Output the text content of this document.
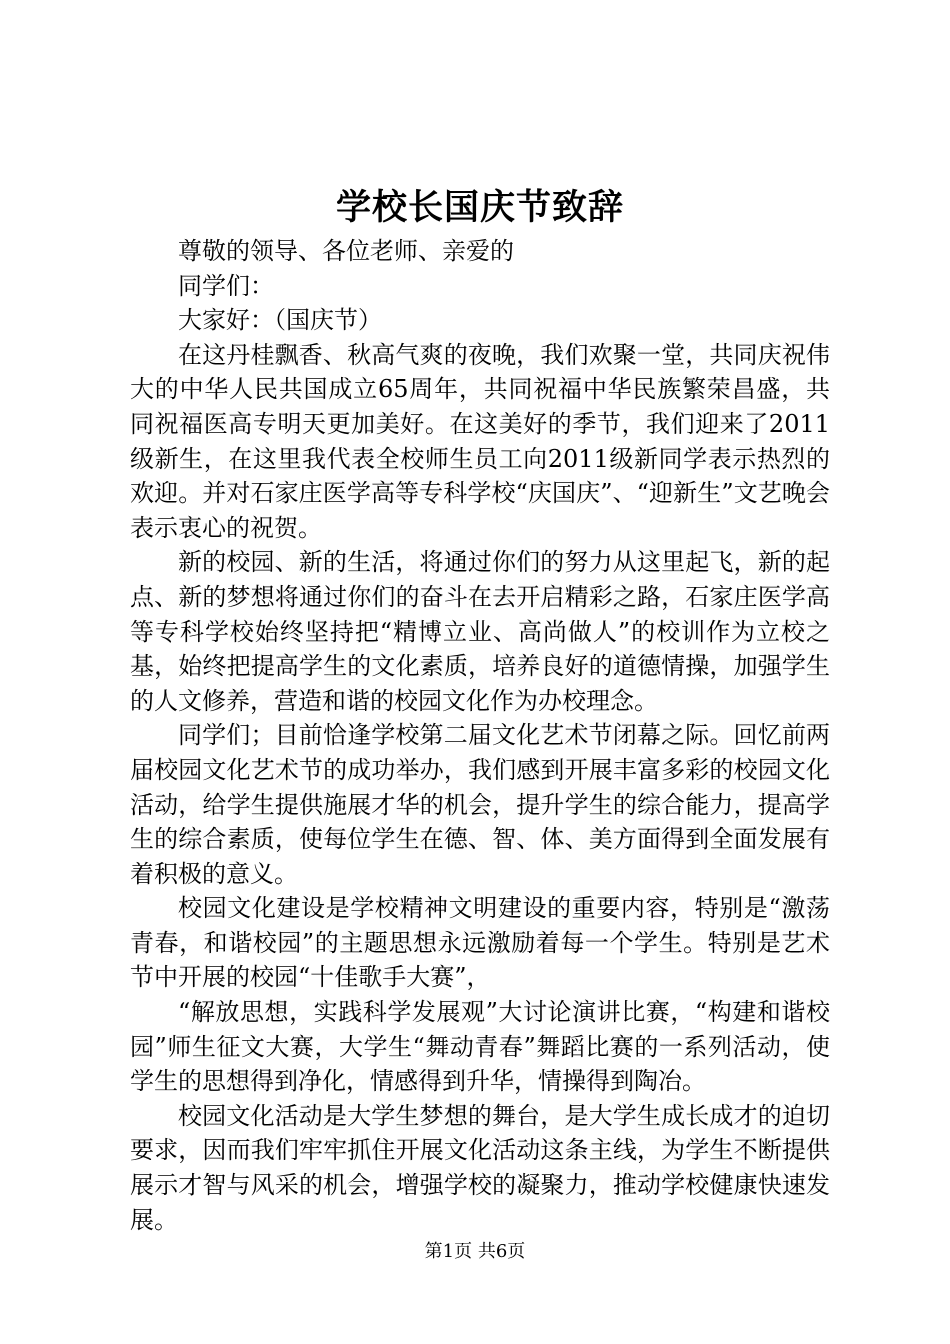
学校长国庆节致辞

尊敬的领导、各位老师、亲爱的

同学们：

大家好：（国庆节）

在这丹桂飘香、秋高气爽的夜晚，我们欢聚一堂，共同庆祝伟大的中华人民共国成立65周年，共同祝福中华民族繁荣昌盛，共同祝福医高专明天更加美好。在这美好的季节，我们迎来了2011级新生，在这里我代表全校师生员工向2011级新同学表示热烈的欢迎。并对石家庄医学高等专科学校“庆国庆”、“迎新生”文艺晚会表示衷心的祝贺。

新的校园、新的生活，将通过你们的努力从这里起飞，新的起点、新的梦想将通过你们的奋斗在去开启精彩之路，石家庄医学高等专科学校始终坚持把“精博立业、高尚做人”的校训作为立校之基，始终把提高学生的文化素质，培养良好的道德情操，加强学生的人文修养，营造和谐的校园文化作为办校理念。

同学们；目前恰逢学校第二届文化艺术节闭幕之际。回忆前两届校园文化艺术节的成功举办，我们感到开展丰富多彩的校园文化活动，给学生提供施展才华的机会，提升学生的综合能力，提高学生的综合素质，使每位学生在德、智、体、美方面得到全面发展有着积极的意义。

校园文化建设是学校精神文明建设的重要内容，特别是“激荡青春，和谐校园”的主题思想永远激励着每一个学生。特别是艺术节中开展的校园“十佳歌手大赛”，

“解放思想，实践科学发展观”大讨论演讲比赛，“构建和谐校园”师生征文大赛，大学生“舞动青春”舞蹈比赛的一系列活动，使学生的思想得到净化，情感得到升华，情操得到陶冶。

校园文化活动是大学生梦想的舞台，是大学生成长成才的迫切要求，因而我们牢牢抓住开展文化活动这条主线，为学生不断提供展示才智与风采的机会，增强学校的凝聚力，推动学校健康快速发展。

第1页 共6页
